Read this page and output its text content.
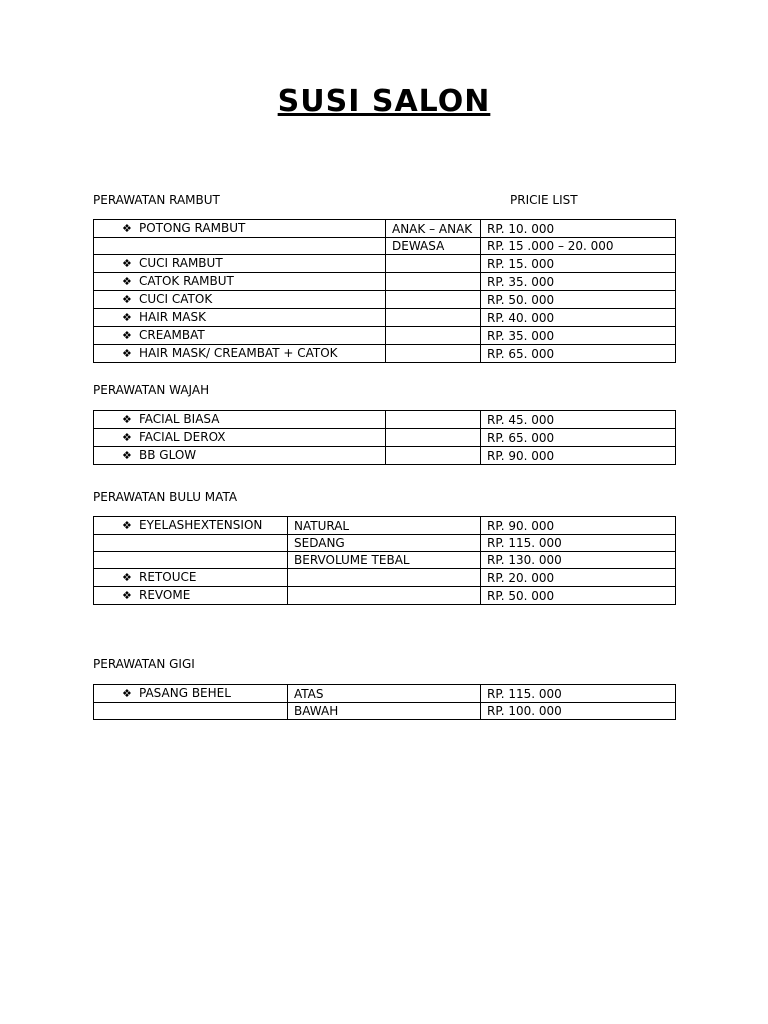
SUSI SALON
PERAWATAN RAMBUT	PRICIE LIST
❖ POTONG RAMBUT	ANAK – ANAK	RP. 10. 000
	DEWASA	RP. 15 .000 – 20. 000
❖ CUCI RAMBUT		RP. 15. 000
❖ CATOK RAMBUT		RP. 35. 000
❖ CUCI CATOK		RP. 50. 000
❖ HAIR MASK		RP. 40. 000
❖ CREAMBAT		RP. 35. 000
❖ HAIR MASK/ CREAMBAT + CATOK		RP. 65. 000
PERAWATAN WAJAH
❖ FACIAL BIASA		RP. 45. 000
❖ FACIAL DEROX		RP. 65. 000
❖ BB GLOW		RP. 90. 000
PERAWATAN BULU MATA
❖ EYELASHEXTENSION	NATURAL	RP. 90. 000
	SEDANG	RP. 115. 000
	BERVOLUME TEBAL	RP. 130. 000
❖ RETOUCE		RP. 20. 000
❖ REVOME		RP. 50. 000
PERAWATAN GIGI
❖ PASANG BEHEL	ATAS	RP. 115. 000
	BAWAH	RP. 100. 000
